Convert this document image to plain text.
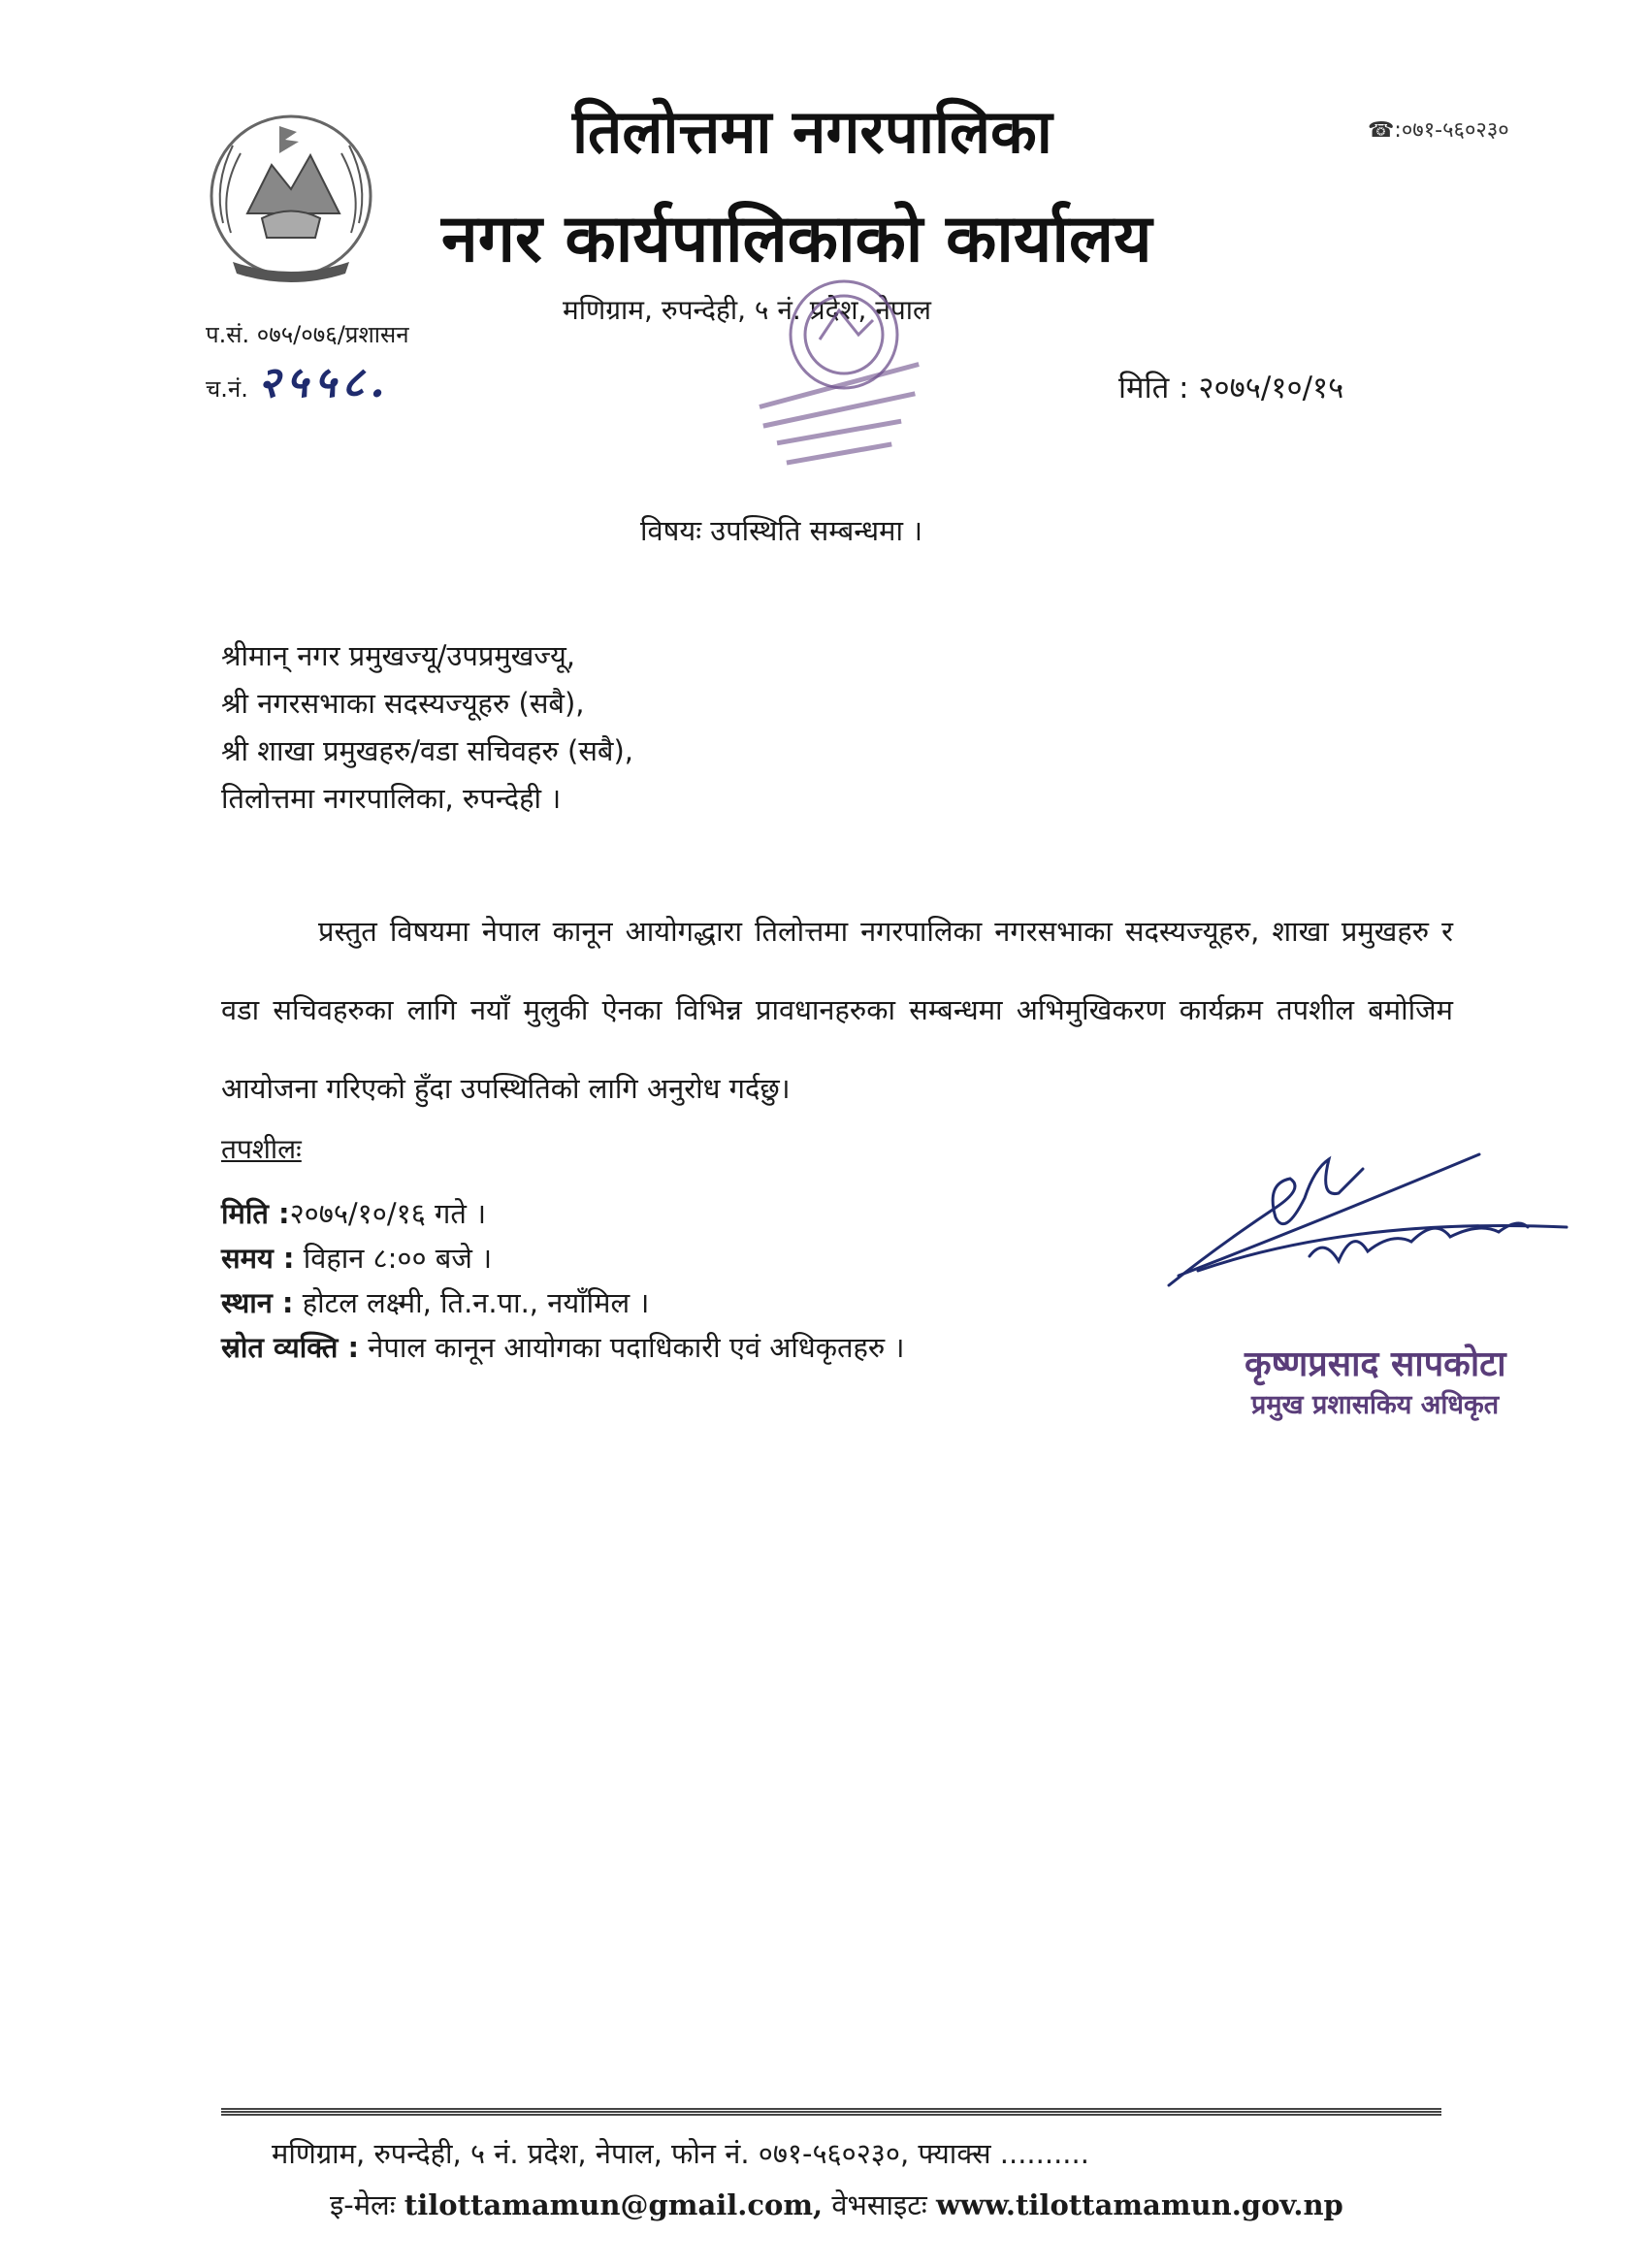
☎:०७१-५६०२३०
तिलोत्तमा नगरपालिका
नगर कार्यपालिकाको कार्यालय
मणिग्राम, रुपन्देही, ५ नं. प्रदेश, नेपाल
प.सं. ०७५/०७६/प्रशासन
च.नं. २५५८.	मिति : २०७५/१०/१५
विषयः उपस्थिति सम्बन्धमा ।
श्रीमान् नगर प्रमुखज्यू/उपप्रमुखज्यू,
श्री नगरसभाका सदस्यज्यूहरु (सबै),
श्री शाखा प्रमुखहरु/वडा सचिवहरु (सबै),
तिलोत्तमा नगरपालिका, रुपन्देही ।
प्रस्तुत विषयमा नेपाल कानून आयोगद्धारा तिलोत्तमा नगरपालिका नगरसभाका सदस्यज्यूहरु, शाखा प्रमुखहरु र वडा सचिवहरुका लागि नयाँ मुलुकी ऐनका विभिन्न प्रावधानहरुका सम्बन्धमा अभिमुखिकरण कार्यक्रम तपशील बमोजिम आयोजना गरिएको हुँदा उपस्थितिको लागि अनुरोध गर्दछु।
तपशीलः
मिति :२०७५/१०/१६ गते ।
समय : विहान ८:०० बजे ।
स्थान : होटल लक्ष्मी, ति.न.पा., नयाँमिल ।
स्रोत व्यक्ति : नेपाल कानून आयोगका पदाधिकारी एवं अधिकृतहरु ।	कृष्णप्रसाद सापकोटा
प्रमुख प्रशासकिय अधिकृत
मणिग्राम, रुपन्देही, ५ नं. प्रदेश, नेपाल, फोन नं. ०७१-५६०२३०, फ्याक्स ..........
इ-मेलः tilottamamun@gmail.com, वेभसाइटः www.tilottamamun.gov.np
